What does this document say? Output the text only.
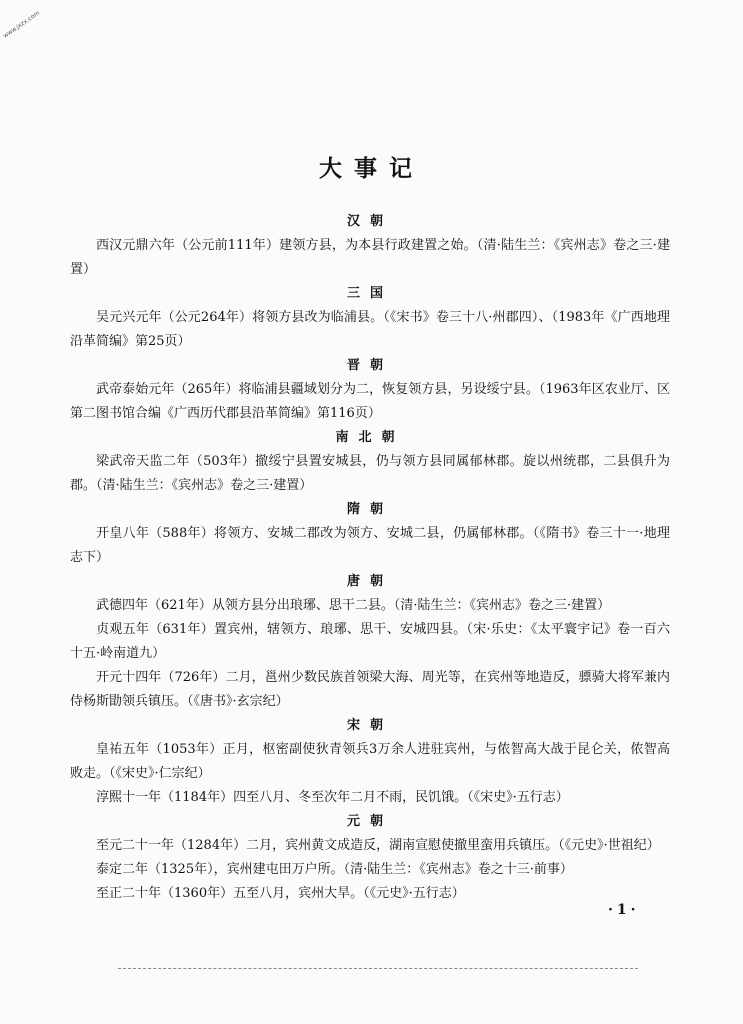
www.jxzx.com
大事记
汉朝
西汉元鼎六年（公元前111年）建领方县，为本县行政建置之始。（清·陆生兰：《宾州志》卷之三·建置）
三国
吴元兴元年（公元264年）将领方县改为临浦县。（《宋书》卷三十八·州郡四）、（1983年《广西地理沿革简编》第25页）
晋朝
武帝泰始元年（265年）将临浦县疆域划分为二，恢复领方县，另设绥宁县。（1963年区农业厅、区第二图书馆合编《广西历代郡县沿革简编》第116页）
南北朝
梁武帝天监二年（503年）撤绥宁县置安城县，仍与领方县同属郁林郡。旋以州统郡，二县俱升为郡。（清·陆生兰：《宾州志》卷之三·建置）
隋朝
开皇八年（588年）将领方、安城二郡改为领方、安城二县，仍属郁林郡。（《隋书》卷三十一·地理志下）
唐朝
武德四年（621年）从领方县分出琅琊、思干二县。（清·陆生兰：《宾州志》卷之三·建置）
贞观五年（631年）置宾州，辖领方、琅琊、思干、安城四县。（宋·乐史：《太平寰宇记》卷一百六十五·岭南道九）
开元十四年（726年）二月，邕州少数民族首领梁大海、周光等，在宾州等地造反，骠骑大将军兼内侍杨斯勖领兵镇压。（《唐书》·玄宗纪）
宋朝
皇祐五年（1053年）正月，枢密副使狄青领兵3万余人进驻宾州，与侬智高大战于昆仑关，侬智高败走。（《宋史》·仁宗纪）
淳熙十一年（1184年）四至八月、冬至次年二月不雨，民饥饿。（《宋史》·五行志）
元朝
至元二十一年（1284年）二月，宾州黄文成造反，湖南宣慰使撤里蛮用兵镇压。（《元史》·世祖纪）
泰定二年（1325年），宾州建屯田万户所。（清·陆生兰：《宾州志》卷之十三·前事）
至正二十年（1360年）五至八月，宾州大旱。（《元史》·五行志）
·1·
